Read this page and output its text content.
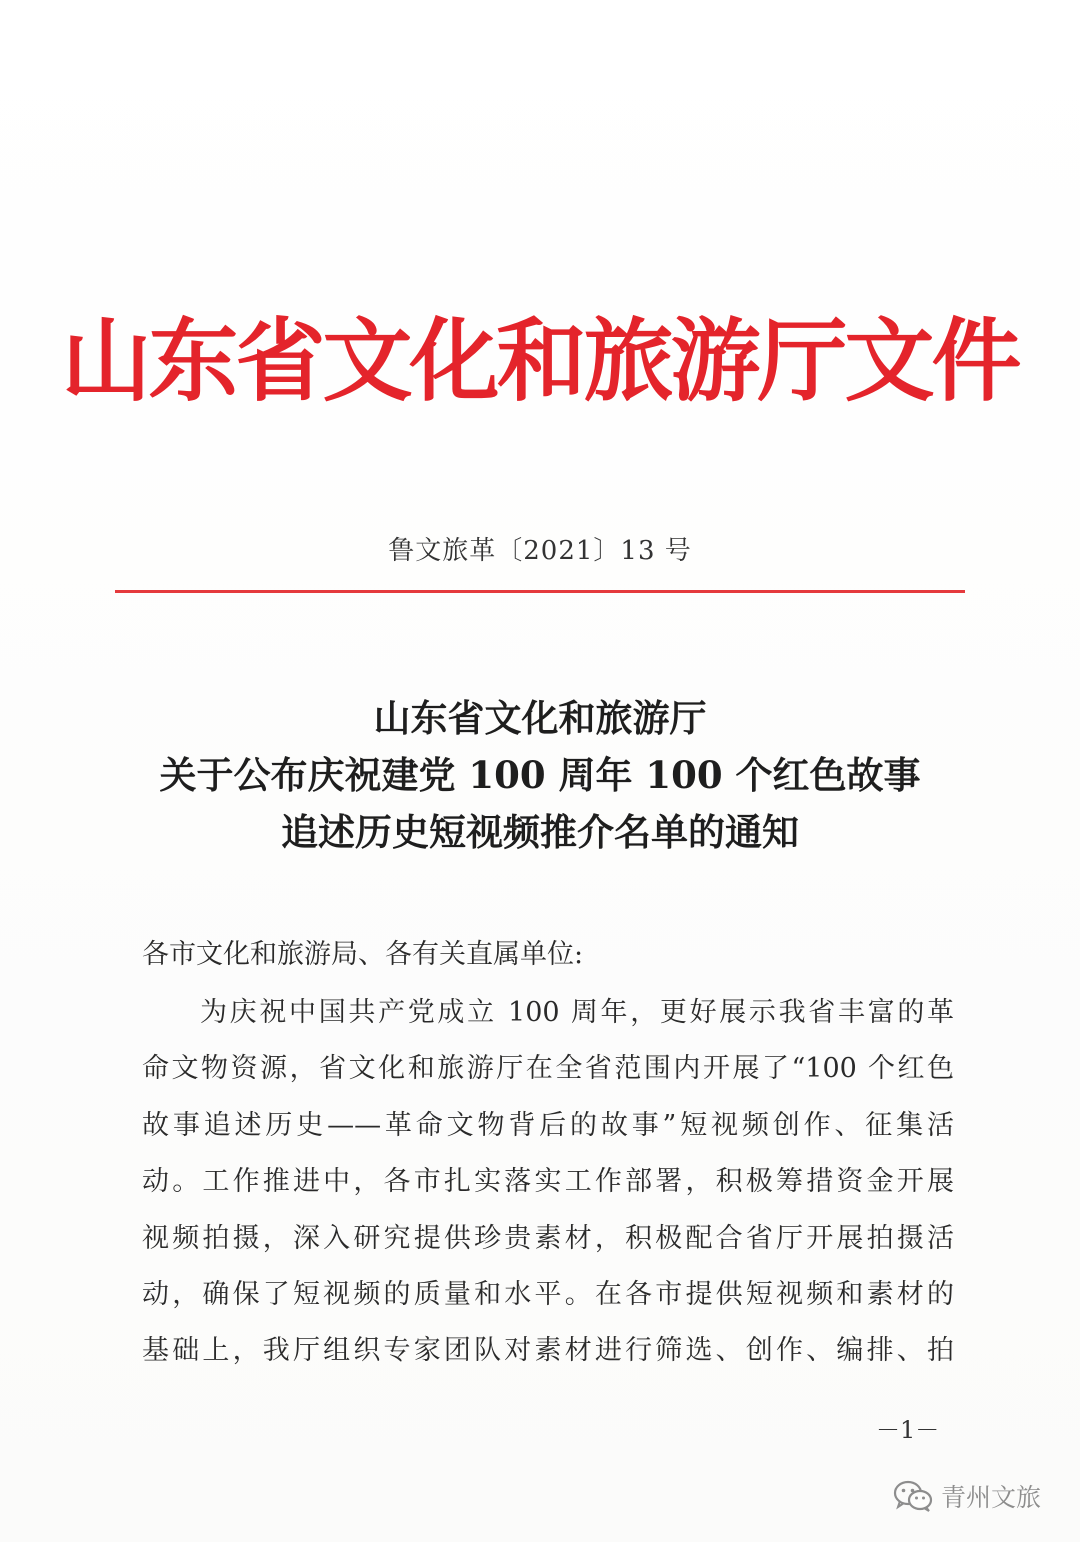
山东省文化和旅游厅文件
鲁文旅革〔2021〕13 号
山东省文化和旅游厅
关于公布庆祝建党 100 周年 100 个红色故事
追述历史短视频推介名单的通知
各市文化和旅游局、各有关直属单位:
为庆祝中国共产党成立 100 周年，更好展示我省丰富的革
命文物资源，省文化和旅游厅在全省范围内开展了“100 个红色
故事追述历史——革命文物背后的故事”短视频创作、征集活
动。工作推进中，各市扎实落实工作部署，积极筹措资金开展
视频拍摄，深入研究提供珍贵素材，积极配合省厅开展拍摄活
动，确保了短视频的质量和水平。在各市提供短视频和素材的
基础上，我厅组织专家团队对素材进行筛选、创作、编排、拍
－1－
青州文旅
